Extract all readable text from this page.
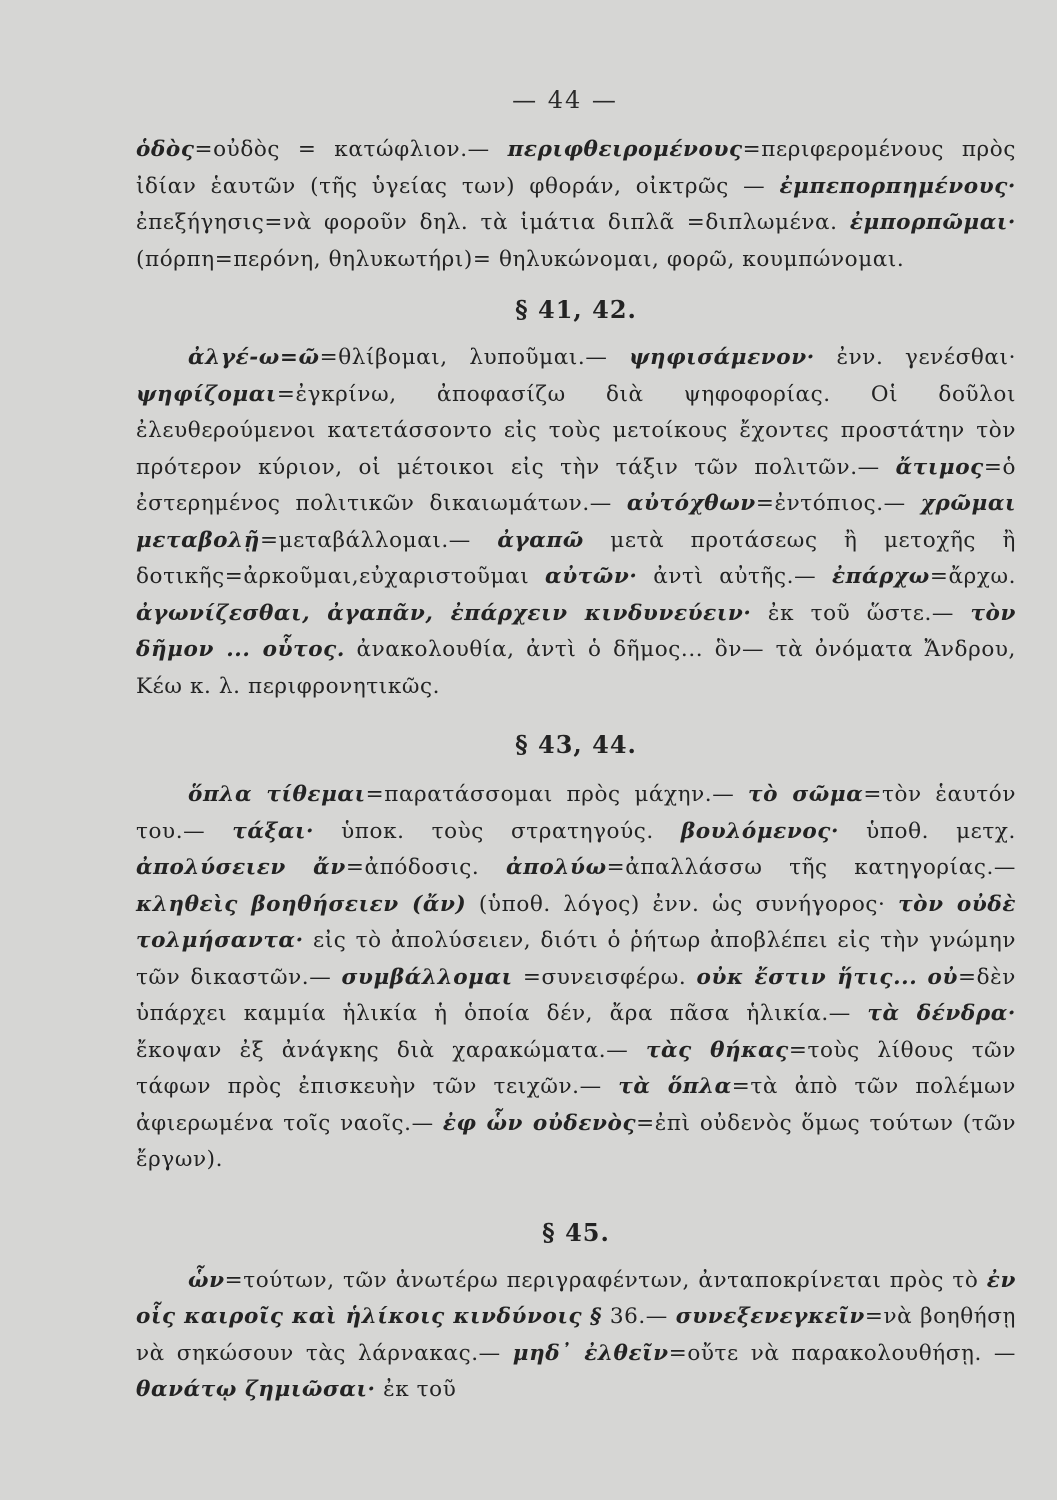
— 44 —

ὁδὸς=οὐδὸς = κατώφλιον.— περιφθειρομένους=περιφερομένους πρὸς ἰδίαν ἑαυτῶν (τῆς ὑγείας των) φθοράν, οἰκτρῶς — ἐμπεπορπημένους· ἐπεξήγησις=νὰ φοροῦν δηλ. τὰ ἱμάτια διπλᾶ =διπλωμένα. ἐμπορπῶμαι· (πόρπη=περόνη, θηλυκωτήρι)= θηλυκώνομαι, φορῶ, κουμπώνομαι.

§ 41, 42.

ἀλγέ-ω=ῶ=θλίβομαι, λυποῦμαι.— ψηφισάμενον· ἐνν. γενέσθαι· ψηφίζομαι=ἐγκρίνω, ἀποφασίζω διὰ ψηφοφορίας. Οἱ δοῦλοι ἐλευθερούμενοι κατετάσσοντο εἰς τοὺς μετοίκους ἔχοντες προστάτην τὸν πρότερον κύριον, οἱ μέτοικοι εἰς τὴν τάξιν τῶν πολιτῶν.— ἄτιμος=ὁ ἐστερημένος πολιτικῶν δικαιωμάτων.— αὐτόχθων=ἐντόπιος.— χρῶμαι μεταβολῇ=μεταβάλλομαι.— ἀγαπῶ μετὰ προτάσεως ἢ μετοχῆς ἢ δοτικῆς=ἀρκοῦμαι,εὐχαριστοῦμαι αὐτῶν· ἀντὶ αὐτῆς.— ἐπάρχω=ἄρχω. ἀγωνίζεσθαι, ἀγαπᾶν, ἐπάρχειν κινδυνεύειν· ἐκ τοῦ ὥστε.— τὸν δῆμον ... οὗτος. ἀνακολουθία, ἀντὶ ὁ δῆμος... ὃν— τὰ ὀνόματα Ἄνδρου, Κέω κ. λ. περιφρονητικῶς.

§ 43, 44.

ὅπλα τίθεμαι=παρατάσσομαι πρὸς μάχην.— τὸ σῶμα=τὸν ἑαυτόν του.— τάξαι· ὑποκ. τοὺς στρατηγούς. βουλόμενος· ὑποθ. μετχ. ἀπολύσειεν ἄν=ἀπόδοσις. ἀπολύω=ἀπαλλάσσω τῆς κατηγορίας.— κληθεὶς βοηθήσειεν (ἄν) (ὑποθ. λόγος) ἐνν. ὡς συνήγορος· τὸν οὐδὲ τολμήσαντα· εἰς τὸ ἀπολύσειεν, διότι ὁ ῥήτωρ ἀποβλέπει εἰς τὴν γνώμην τῶν δικαστῶν.— συμβάλλομαι =συνεισφέρω. οὐκ ἔστιν ἥτις... οὐ=δὲν ὑπάρχει καμμία ἡλικία ἡ ὁποία δέν, ἄρα πᾶσα ἡλικία.— τὰ δένδρα· ἔκοψαν ἐξ ἀνάγκης διὰ χαρακώματα.— τὰς θήκας=τοὺς λίθους τῶν τάφων πρὸς ἐπισκευὴν τῶν τειχῶν.— τὰ ὅπλα=τὰ ἀπὸ τῶν πολέμων ἀφιερωμένα τοῖς ναοῖς.— ἐφ ὧν οὐδενὸς=ἐπὶ οὐδενὸς ὅμως τούτων (τῶν ἔργων).

§ 45.

ὧν=τούτων, τῶν ἀνωτέρω περιγραφέντων, ἀνταποκρίνεται πρὸς τὸ ἐν οἷς καιροῖς καὶ ἡλίκοις κινδύνοις § 36.— συνεξενεγκεῖν=νὰ βοηθήσῃ νὰ σηκώσουν τὰς λάρνακας.— μηδ᾽ ἐλθεῖν=οὔτε νὰ παρακολουθήσῃ. — θανάτῳ ζημιῶσαι· ἐκ τοῦ
